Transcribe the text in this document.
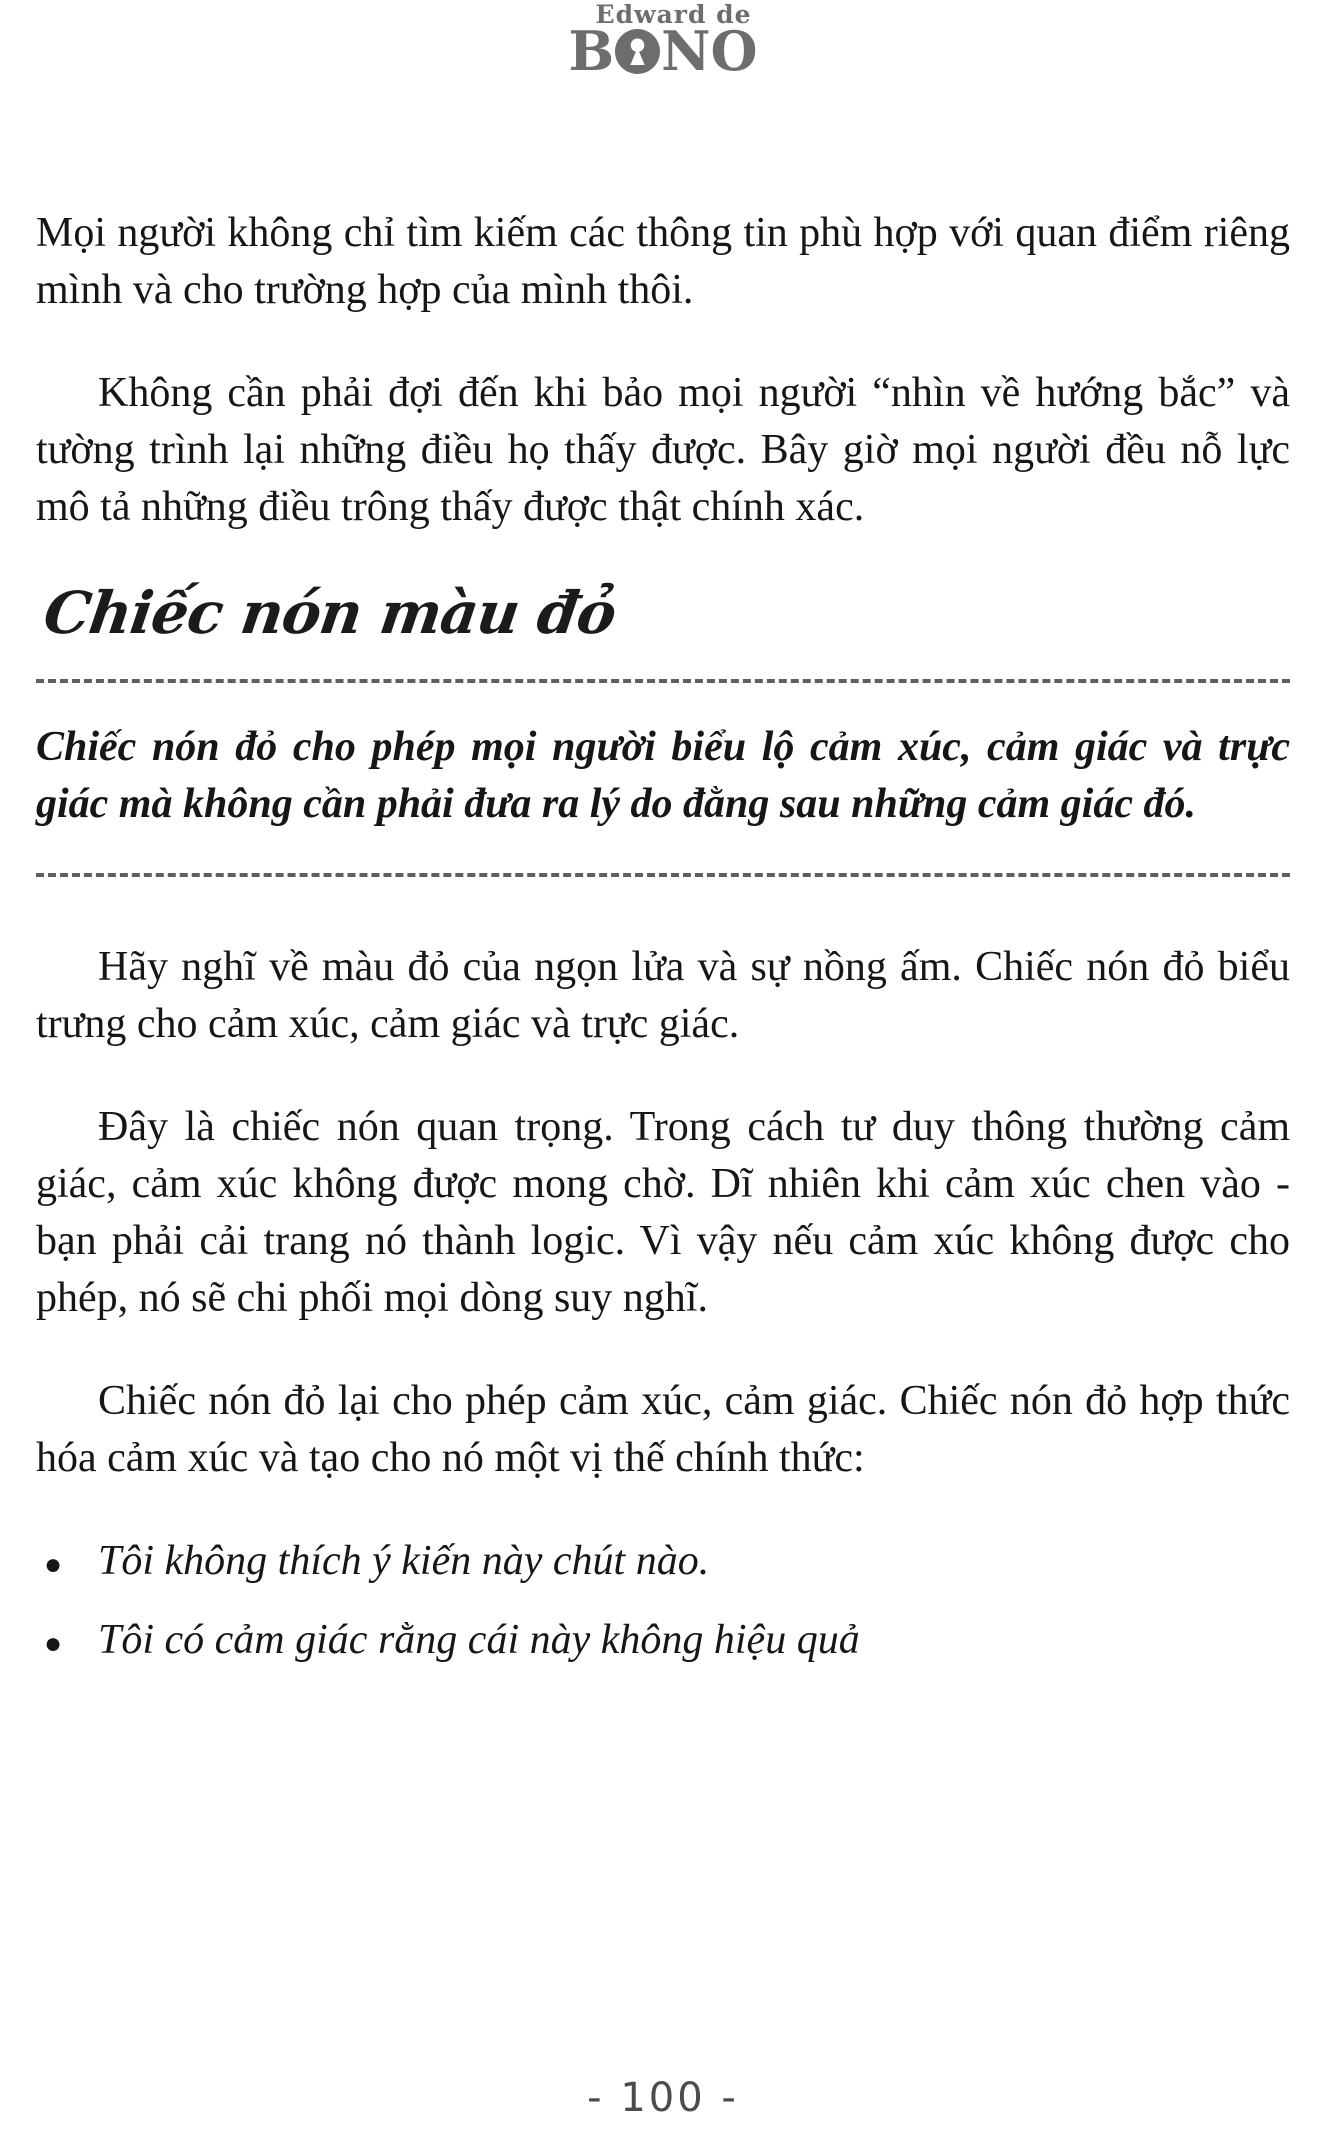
Edward de
B NO

Mọi người không chỉ tìm kiếm các thông tin phù hợp với quan điểm riêng mình và cho trường hợp của mình thôi.

Không cần phải đợi đến khi bảo mọi người “nhìn về hướng bắc” và tường trình lại những điều họ thấy được. Bây giờ mọi người đều nỗ lực mô tả những điều trông thấy được thật chính xác.

Chiếc nón màu đỏ

Chiếc nón đỏ cho phép mọi người biểu lộ cảm xúc, cảm giác và trực giác mà không cần phải đưa ra lý do đằng sau những cảm giác đó.

Hãy nghĩ về màu đỏ của ngọn lửa và sự nồng ấm. Chiếc nón đỏ biểu trưng cho cảm xúc, cảm giác và trực giác.

Đây là chiếc nón quan trọng. Trong cách tư duy thông thường cảm giác, cảm xúc không được mong chờ. Dĩ nhiên khi cảm xúc chen vào - bạn phải cải trang nó thành logic. Vì vậy nếu cảm xúc không được cho phép, nó sẽ chi phối mọi dòng suy nghĩ.

Chiếc nón đỏ lại cho phép cảm xúc, cảm giác. Chiếc nón đỏ hợp thức hóa cảm xúc và tạo cho nó một vị thế chính thức:

● Tôi không thích ý kiến này chút nào.
● Tôi có cảm giác rằng cái này không hiệu quả
- 100 -
